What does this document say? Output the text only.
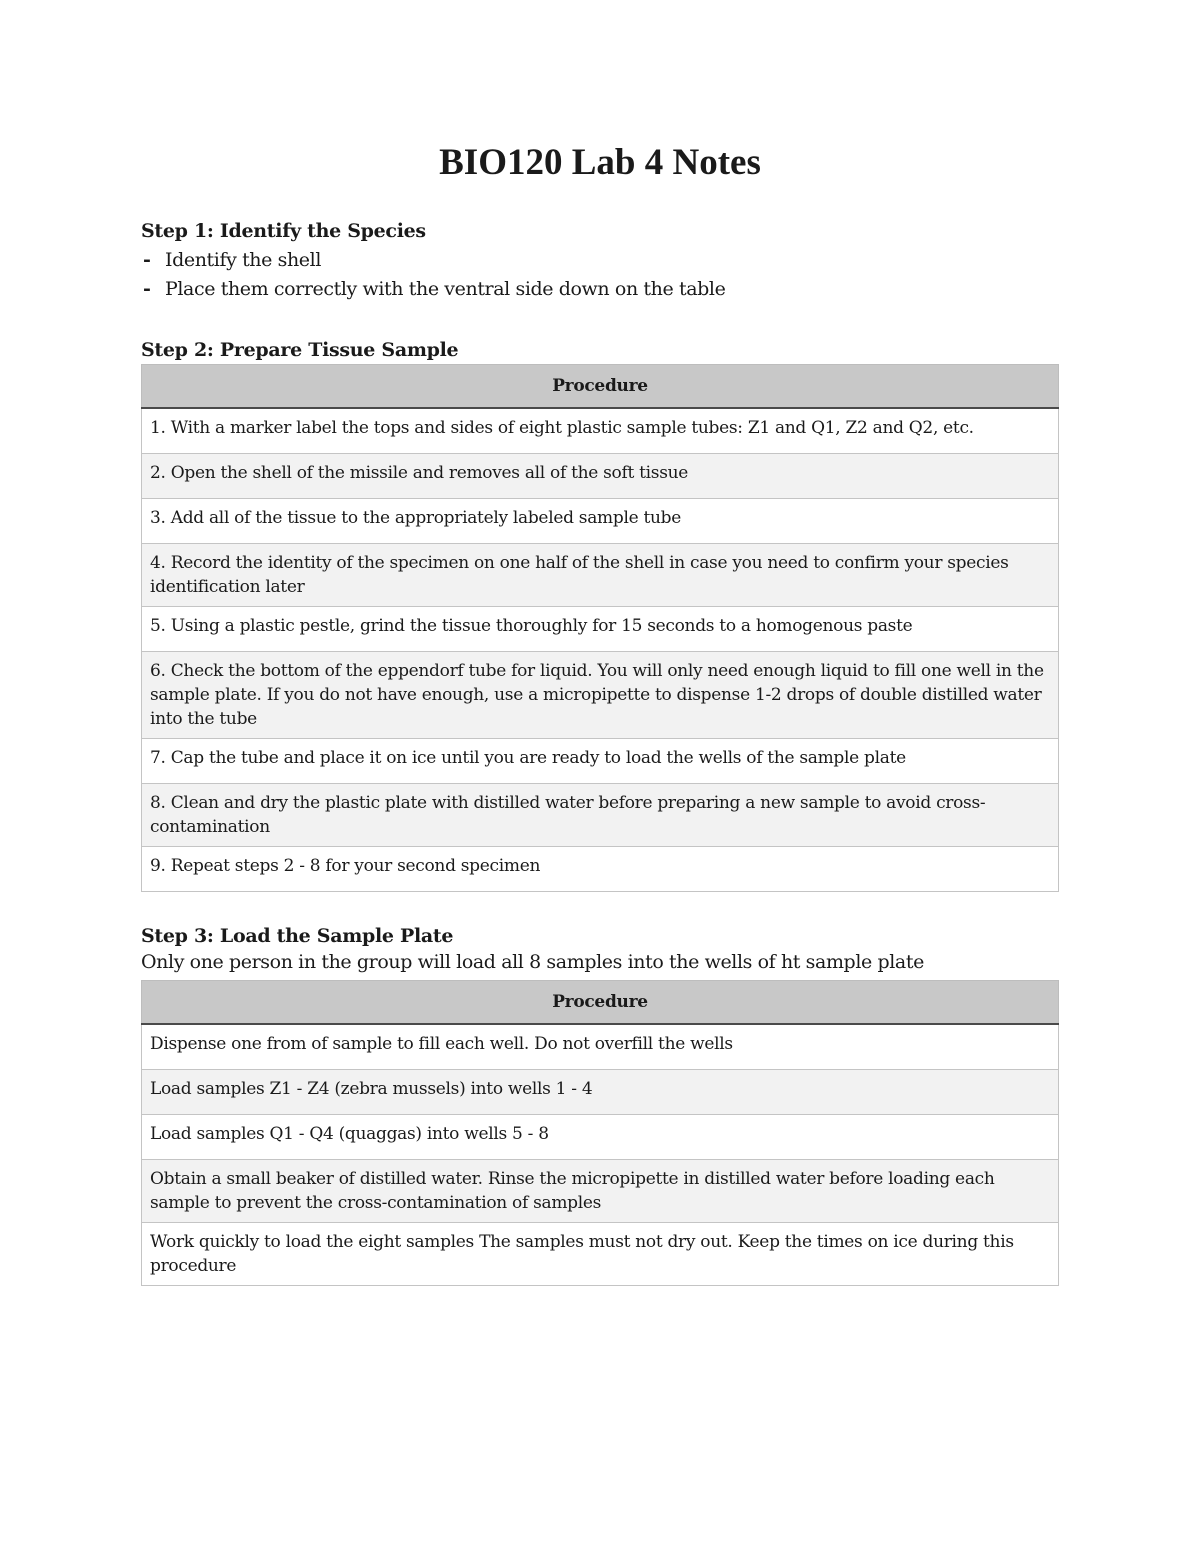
BIO120 Lab 4 Notes
Step 1: Identify the Species
- Identify the shell
- Place them correctly with the ventral side down on the table
Step 2: Prepare Tissue Sample
Procedure
1. With a marker label the tops and sides of eight plastic sample tubes: Z1 and Q1, Z2 and Q2, etc.
2. Open the shell of the missile and removes all of the soft tissue
3. Add all of the tissue to the appropriately labeled sample tube
4. Record the identity of the specimen on one half of the shell in case you need to confirm your species identification later
5. Using a plastic pestle, grind the tissue thoroughly for 15 seconds to a homogenous paste
6. Check the bottom of the eppendorf tube for liquid. You will only need enough liquid to fill one well in the sample plate. If you do not have enough, use a micropipette to dispense 1-2 drops of double distilled water into the tube
7. Cap the tube and place it on ice until you are ready to load the wells of the sample plate
8. Clean and dry the plastic plate with distilled water before preparing a new sample to avoid cross-contamination
9. Repeat steps 2 - 8 for your second specimen
Step 3: Load the Sample Plate

Only one person in the group will load all 8 samples into the wells of ht sample plate

Procedure
Dispense one from of sample to fill each well. Do not overfill the wells
Load samples Z1 - Z4 (zebra mussels) into wells 1 - 4
Load samples Q1 - Q4 (quaggas) into wells 5 - 8
Obtain a small beaker of distilled water. Rinse the micropipette in distilled water before loading each sample to prevent the cross-contamination of samples
Work quickly to load the eight samples The samples must not dry out. Keep the times on ice during this procedure
